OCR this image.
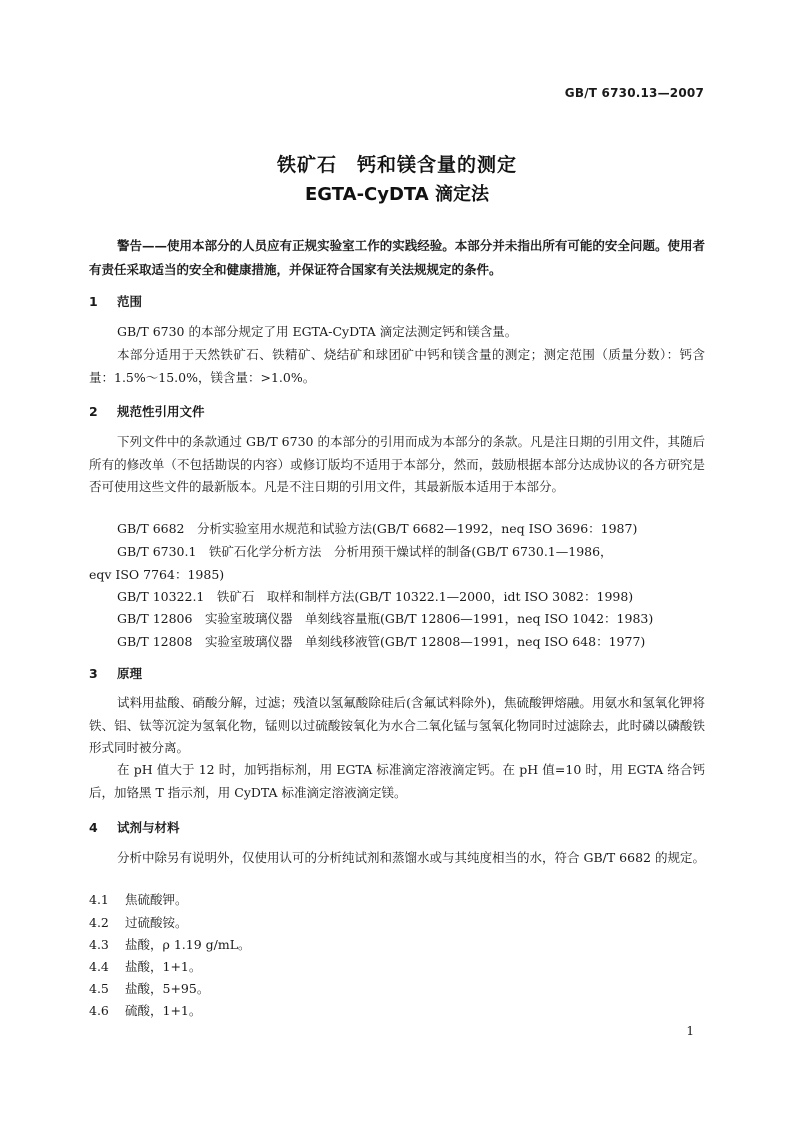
GB/T 6730.13—2007
铁矿石　钙和镁含量的测定
EGTA-CyDTA 滴定法
警告——使用本部分的人员应有正规实验室工作的实践经验。本部分并未指出所有可能的安全问题。使用者有责任采取适当的安全和健康措施，并保证符合国家有关法规规定的条件。
1 范围
GB/T 6730 的本部分规定了用 EGTA-CyDTA 滴定法测定钙和镁含量。
本部分适用于天然铁矿石、铁精矿、烧结矿和球团矿中钙和镁含量的测定；测定范围（质量分数）：钙含量：1.5%～15.0%，镁含量：>1.0%。
2 规范性引用文件
下列文件中的条款通过 GB/T 6730 的本部分的引用而成为本部分的条款。凡是注日期的引用文件，其随后所有的修改单（不包括勘误的内容）或修订版均不适用于本部分，然而，鼓励根据本部分达成协议的各方研究是否可使用这些文件的最新版本。凡是不注日期的引用文件，其最新版本适用于本部分。
GB/T 6682　分析实验室用水规范和试验方法(GB/T 6682—1992，neq ISO 3696：1987)
GB/T 6730.1　铁矿石化学分析方法　分析用预干燥试样的制备(GB/T 6730.1—1986，
eqv ISO 7764：1985)
GB/T 10322.1　铁矿石　取样和制样方法(GB/T 10322.1—2000，idt ISO 3082：1998)
GB/T 12806　实验室玻璃仪器　单刻线容量瓶(GB/T 12806—1991，neq ISO 1042：1983)
GB/T 12808　实验室玻璃仪器　单刻线移液管(GB/T 12808—1991，neq ISO 648：1977)
3 原理
试料用盐酸、硝酸分解，过滤；残渣以氢氟酸除硅后(含氟试料除外)，焦硫酸钾熔融。用氨水和氢氧化钾将铁、铝、钛等沉淀为氢氧化物，锰则以过硫酸铵氧化为水合二氧化锰与氢氧化物同时过滤除去，此时磷以磷酸铁形式同时被分离。
在 pH 值大于 12 时，加钙指标剂，用 EGTA 标准滴定溶液滴定钙。在 pH 值=10 时，用 EGTA 络合钙后，加铬黑 T 指示剂，用 CyDTA 标准滴定溶液滴定镁。
4 试剂与材料
分析中除另有说明外，仅使用认可的分析纯试剂和蒸馏水或与其纯度相当的水，符合 GB/T 6682 的规定。
4.1 焦硫酸钾。
4.2 过硫酸铵。
4.3 盐酸，ρ 1.19 g/mL。
4.4 盐酸，1+1。
4.5 盐酸，5+95。
4.6 硫酸，1+1。
1
